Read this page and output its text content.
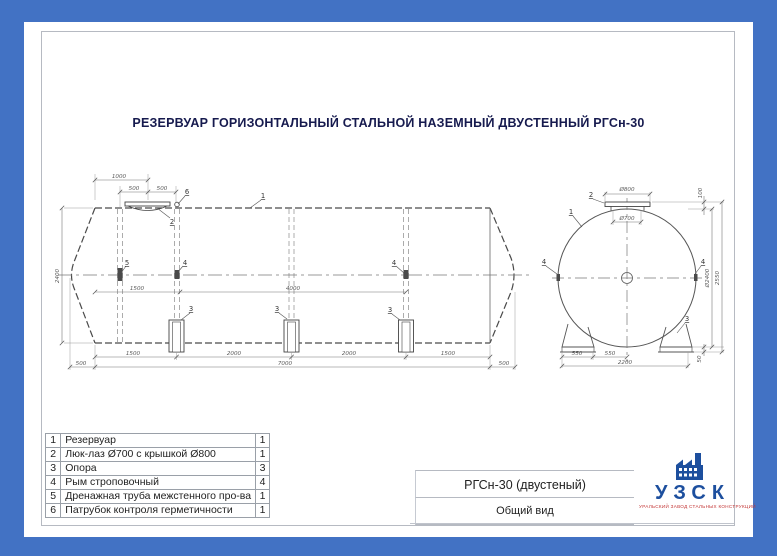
РЕЗЕРВУАР ГОРИЗОНТАЛЬНЫЙ СТАЛЬНОЙ НАЗЕМНЫЙ ДВУСТЕННЫЙ РГСн-30
1000
500	500
1500	4000
1500	2000	2000	1500
500	7000	500
2400
1
6
2
5	4	4
3	3	3
Ø800
Ø700
100
Ø2400 2550
50
550	550
2200
2
1
4	4
3
1	Резервуар	1
2	Люк-лаз Ø700 с крышкой Ø800	1
3	Опора	3
4	Рым строповочный	4
5	Дренажная труба межстенного про-ва	1
6	Патрубок контроля герметичности	1
РГСн-30 (двустеный)
Общий вид
УЗСК
УРАЛЬСКИЙ ЗАВОД СТАЛЬНЫХ КОНСТРУКЦИЙ
